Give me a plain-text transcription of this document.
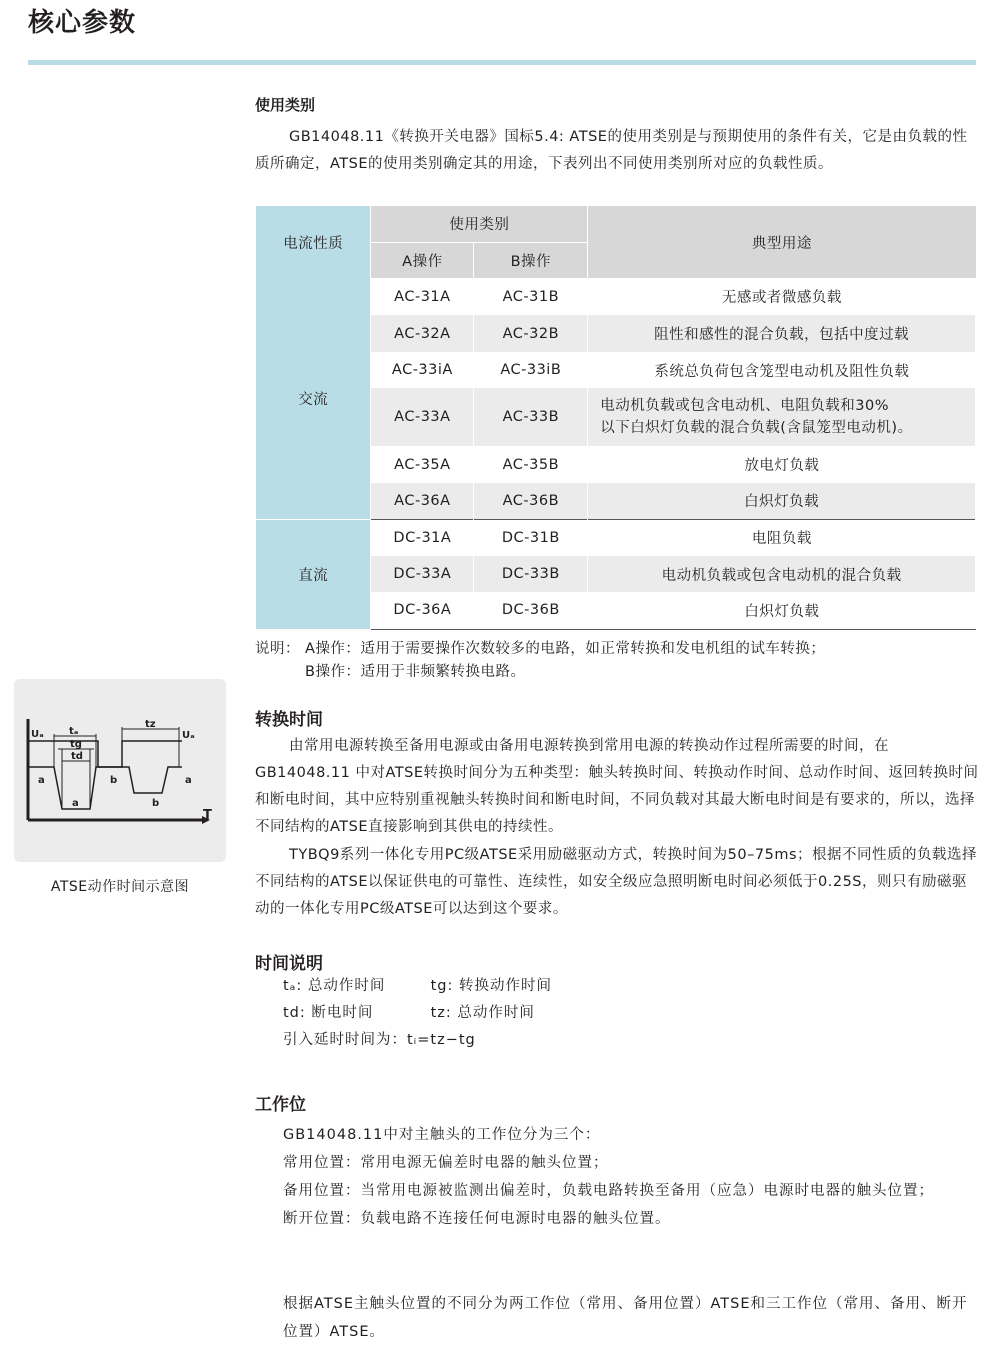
核心参数
使用类别
GB14048.11《转换开关电器》国标5.4: ATSE的使用类别是与预期使用的条件有关，它是由负载的性质所确定，ATSE的使用类别确定其的用途，下表列出不同使用类别所对应的负载性质。
电流性质	使用类别		典型用途
	A操作	B操作	
交流	AC-31A	AC-31B	无感或者微感负载
	AC-32A	AC-32B	阻性和感性的混合负载，包括中度过载
	AC-33iA	AC-33iB	系统总负荷包含笼型电动机及阻性负载
	AC-33A	AC-33B	电动机负载或包含电动机、电阻负载和30%
以下白炽灯负载的混合负载(含鼠笼型电动机)。

	AC-35A	AC-35B	放电灯负载
	AC-36A	AC-36B	白炽灯负载
直流	DC-31A	DC-31B	电阻负载
	DC-33A	DC-33B	电动机负载或包含电动机的混合负载
	DC-36A	DC-36B	白炽灯负载
说明： A操作：适用于需要操作次数较多的电路，如正常转换和发电机组的试车转换；
B操作：适用于非频繁转换电路。
Uₐ	Uₐ
tₐ
tg
td
tz
a
a
b
b
a
T
ATSE动作时间示意图
转换时间
由常用电源转换至备用电源或由备用电源转换到常用电源的转换动作过程所需要的时间，在GB14048.11 中对ATSE转换时间分为五种类型：触头转换时间、转换动作时间、总动作时间、返回转换时间和断电时间，其中应特别重视触头转换时间和断电时间，不同负载对其最大断电时间是有要求的，所以，选择不同结构的ATSE直接影响到其供电的持续性。
TYBQ9系列一体化专用PC级ATSE采用励磁驱动方式，转换时间为50–75ms；根据不同性质的负载选择不同结构的ATSE以保证供电的可靠性、连续性，如安全级应急照明断电时间必须低于0.25S，则只有励磁驱动的一体化专用PC级ATSE可以达到这个要求。
时间说明
tₐ: 总动作时间	tg: 转换动作时间
td: 断电时间	tz: 总动作时间
引入延时时间为：tᵢ=tz−tg
工作位
GB14048.11中对主触头的工作位分为三个：
常用位置： 常用电源无偏差时电器的触头位置；
备用位置： 当常用电源被监测出偏差时，负载电路转换至备用（应急）电源时电器的触头位置；
断开位置： 负载电路不连接任何电源时电器的触头位置。
根据ATSE主触头位置的不同分为两工作位（常用、备用位置）ATSE和三工作位（常用、备用、断开位置）ATSE。
